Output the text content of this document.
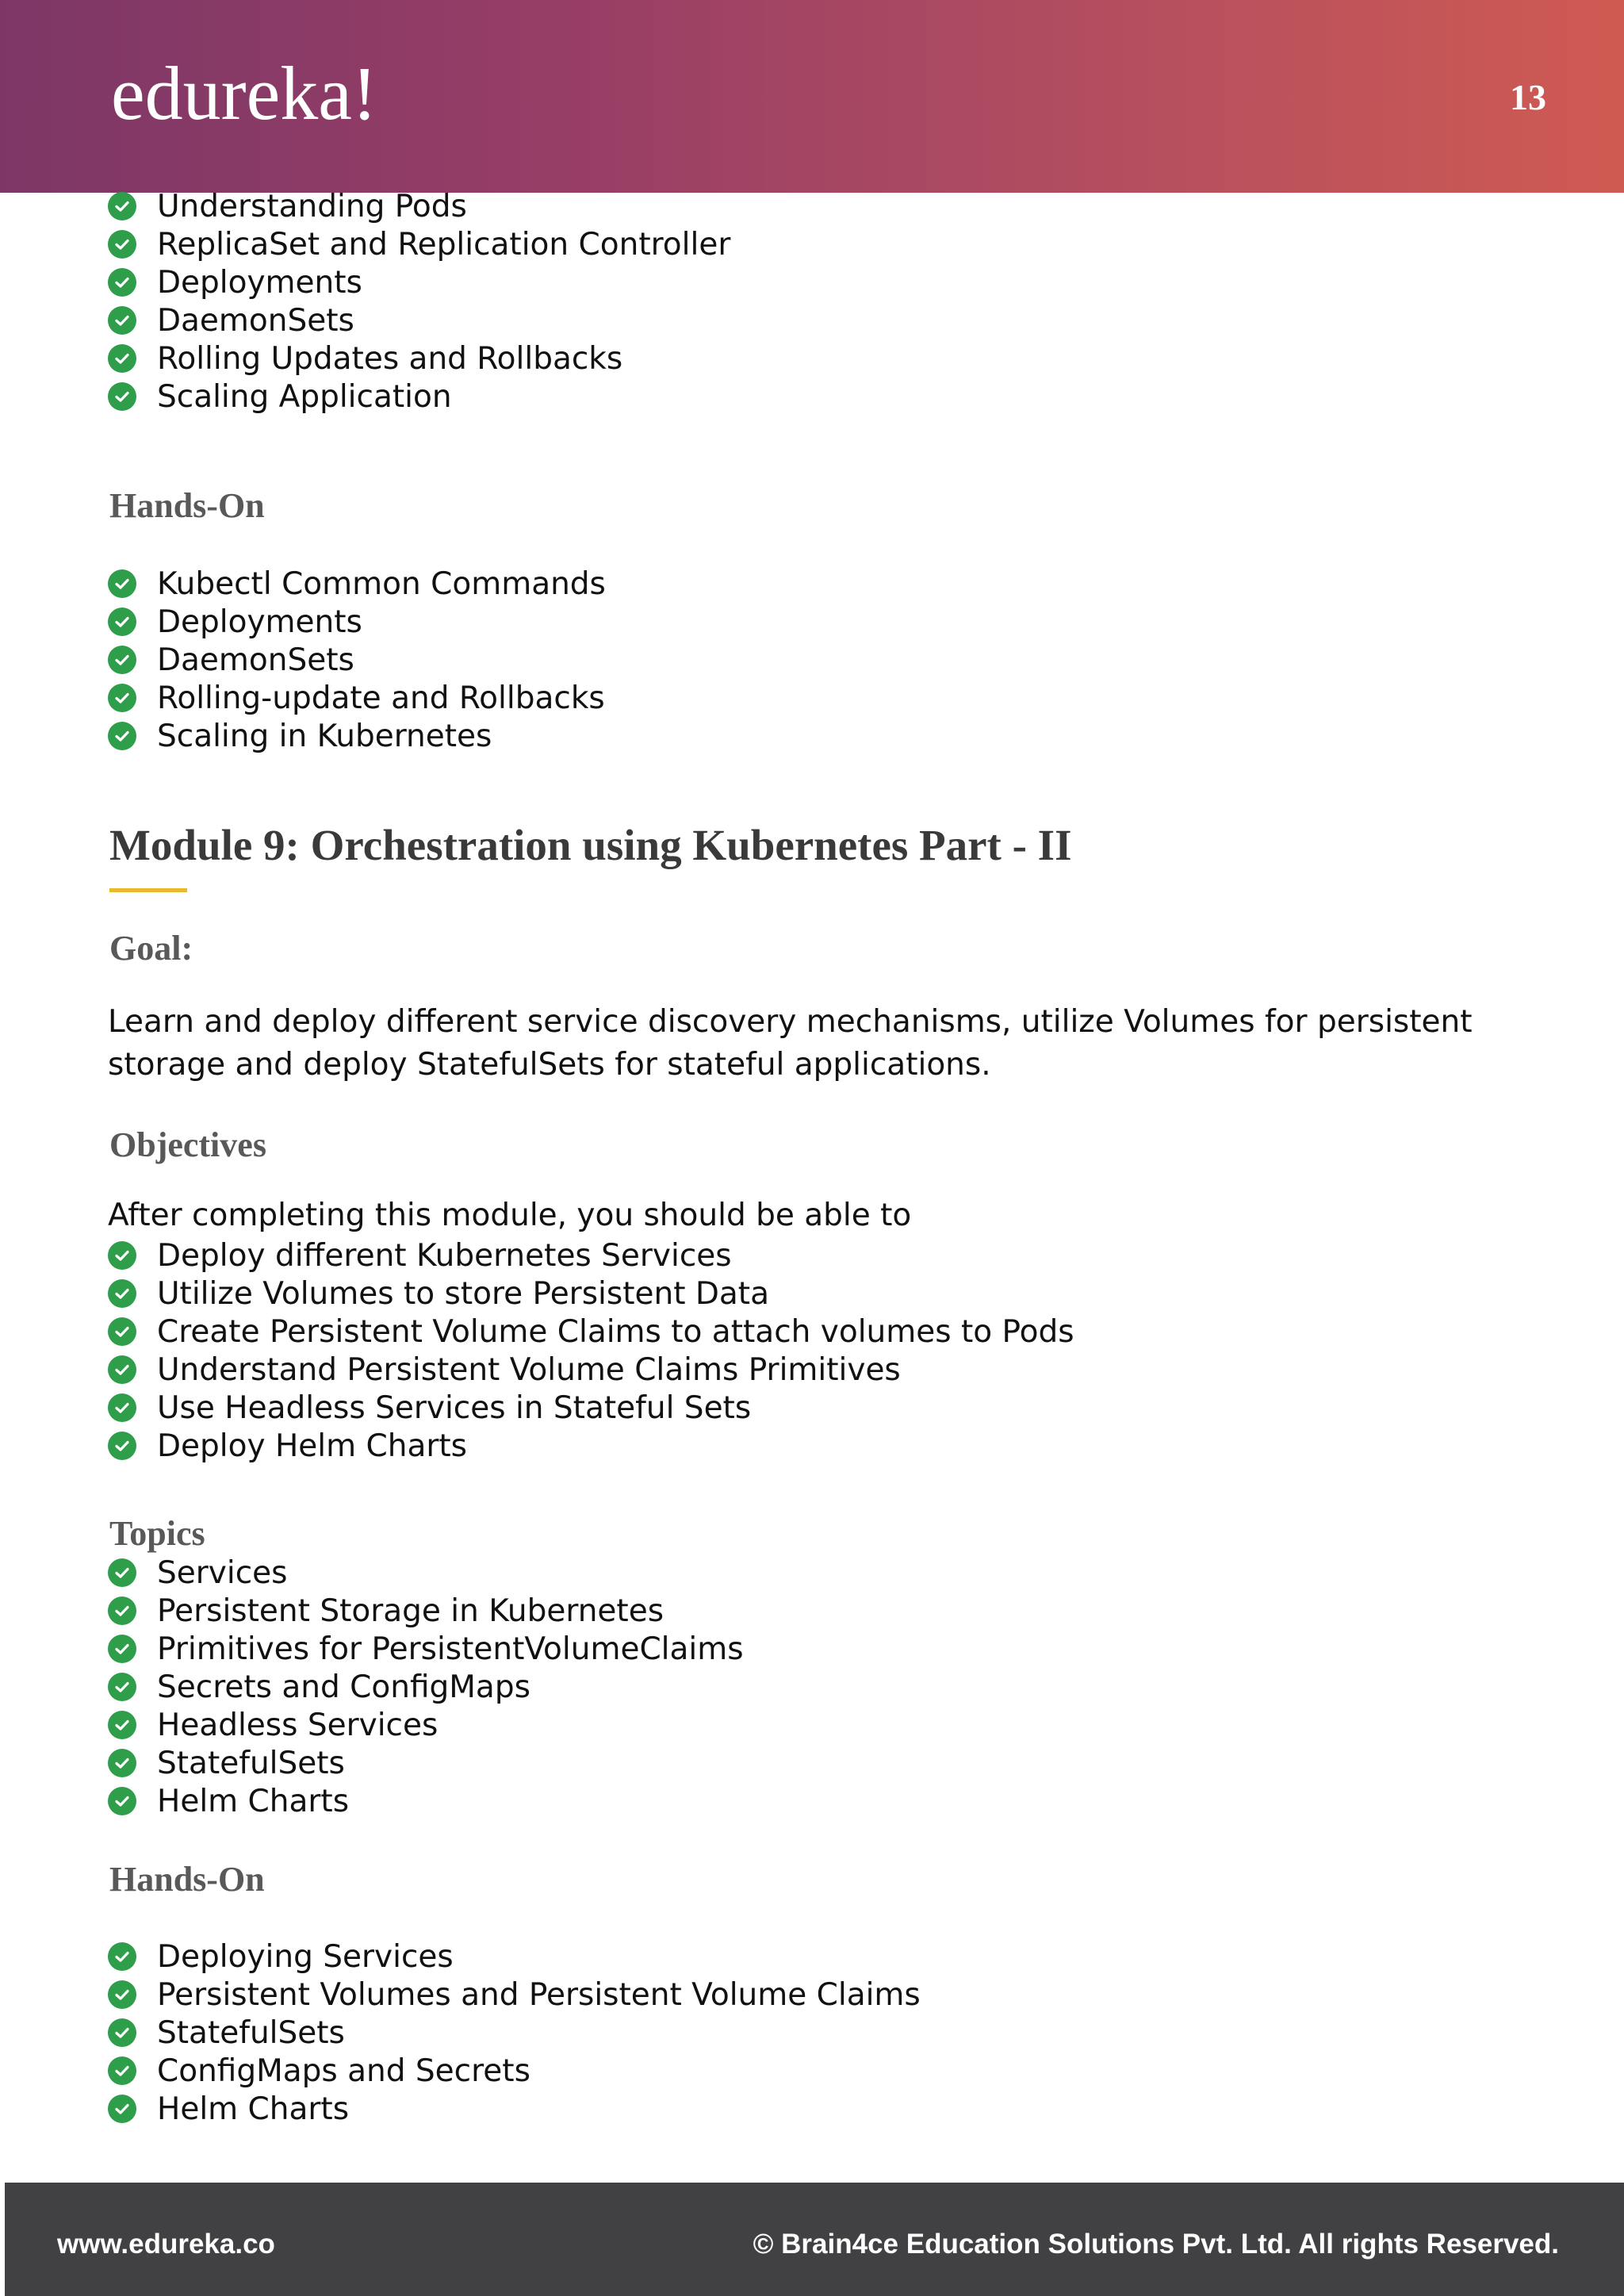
edureka!	13
Understanding Pods
ReplicaSet and Replication Controller
Deployments
DaemonSets
Rolling Updates and Rollbacks
Scaling Application
Hands-On
Kubectl Common Commands
Deployments
DaemonSets
Rolling-update and Rollbacks
Scaling in Kubernetes
Module 9: Orchestration using Kubernetes Part - II
Goal:
Learn and deploy different service discovery mechanisms, utilize Volumes for persistent storage and deploy StatefulSets for stateful applications.
Objectives
After completing this module, you should be able to
Deploy different Kubernetes Services
Utilize Volumes to store Persistent Data
Create Persistent Volume Claims to attach volumes to Pods
Understand Persistent Volume Claims Primitives
Use Headless Services in Stateful Sets
Deploy Helm Charts
Topics
Services
Persistent Storage in Kubernetes
Primitives for PersistentVolumeClaims
Secrets and ConfigMaps
Headless Services
StatefulSets
Helm Charts
Hands-On
Deploying Services
Persistent Volumes and Persistent Volume Claims
StatefulSets
ConfigMaps and Secrets
Helm Charts
www.edureka.co	© Brain4ce Education Solutions Pvt. Ltd. All rights Reserved.
